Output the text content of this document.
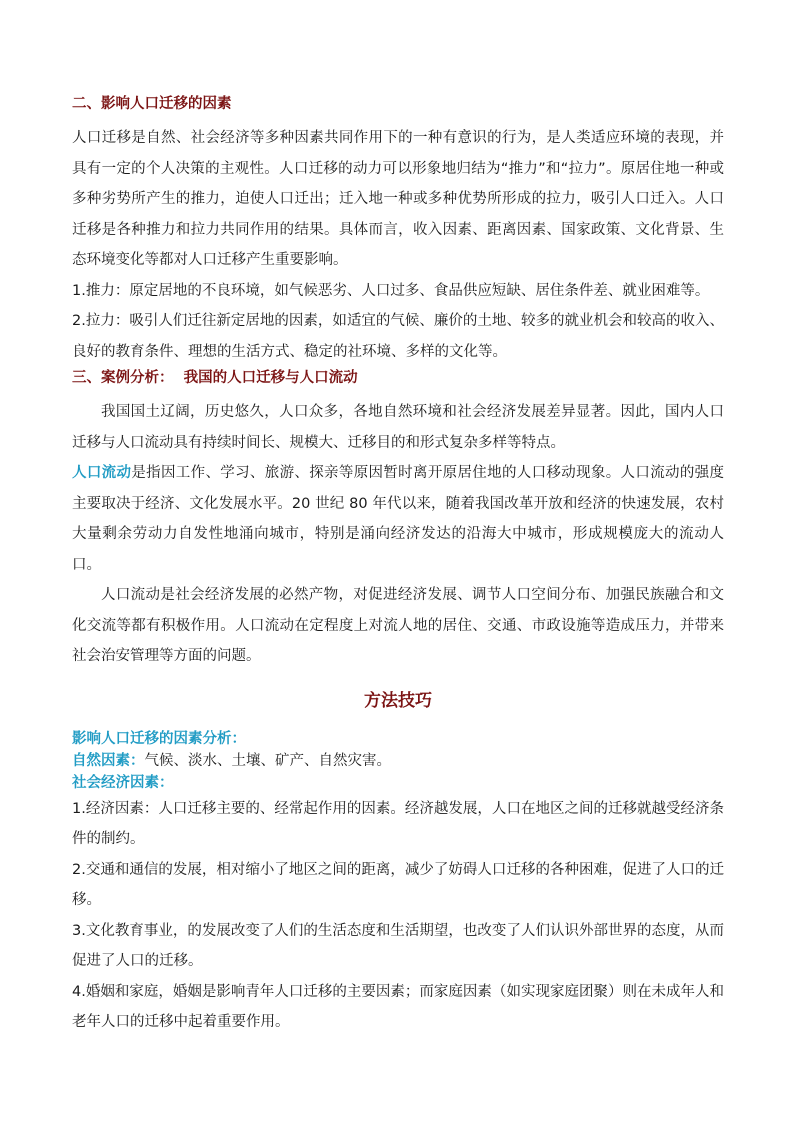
二、影响人口迁移的因素

人口迁移是自然、社会经济等多种因素共同作用下的一种有意识的行为，是人类适应环境的表现，并具有一定的个人决策的主观性。人口迁移的动力可以形象地归结为“推力”和“拉力”。原居住地一种或多种劣势所产生的推力，迫使人口迁出；迁入地一种或多种优势所形成的拉力，吸引人口迁入。人口迁移是各种推力和拉力共同作用的结果。具体而言，收入因素、距离因素、国家政策、文化背景、生态环境变化等都对人口迁移产生重要影响。

1.推力：原定居地的不良环境，如气候恶劣、人口过多、食品供应短缺、居住条件差、就业困难等。

2.拉力：吸引人们迁往新定居地的因素，如适宜的气候、廉价的土地、较多的就业机会和较高的收入、良好的教育条件、理想的生活方式、稳定的社环境、多样的文化等。

三、案例分析：  我国的人口迁移与人口流动

我国国土辽阔，历史悠久，人口众多，各地自然环境和社会经济发展差异显著。因此，国内人口迁移与人口流动具有持续时间长、规模大、迁移目的和形式复杂多样等特点。

人口流动是指因工作、学习、旅游、探亲等原因暂时离开原居住地的人口移动现象。人口流动的强度主要取决于经济、文化发展水平。20 世纪 80 年代以来，随着我国改革开放和经济的快速发展，农村大量剩余劳动力自发性地涌向城市，特别是涌向经济发达的沿海大中城市，形成规模庞大的流动人口。

人口流动是社会经济发展的必然产物，对促进经济发展、调节人口空间分布、加强民族融合和文化交流等都有积极作用。人口流动在定程度上对流人地的居住、交通、市政设施等造成压力，并带来社会治安管理等方面的问题。

方法技巧

影响人口迁移的因素分析：

自然因素：气候、淡水、土壤、矿产、自然灾害。

社会经济因素：

1.经济因素：人口迁移主要的、经常起作用的因素。经济越发展，人口在地区之间的迁移就越受经济条件的制约。

2.交通和通信的发展，相对缩小了地区之间的距离，减少了妨碍人口迁移的各种困难，促进了人口的迁移。

3.文化教育事业，的发展改变了人们的生活态度和生活期望，也改变了人们认识外部世界的态度，从而促进了人口的迁移。

4.婚姻和家庭，婚姻是影响青年人口迁移的主要因素；而家庭因素（如实现家庭团聚）则在未成年人和老年人口的迁移中起着重要作用。
